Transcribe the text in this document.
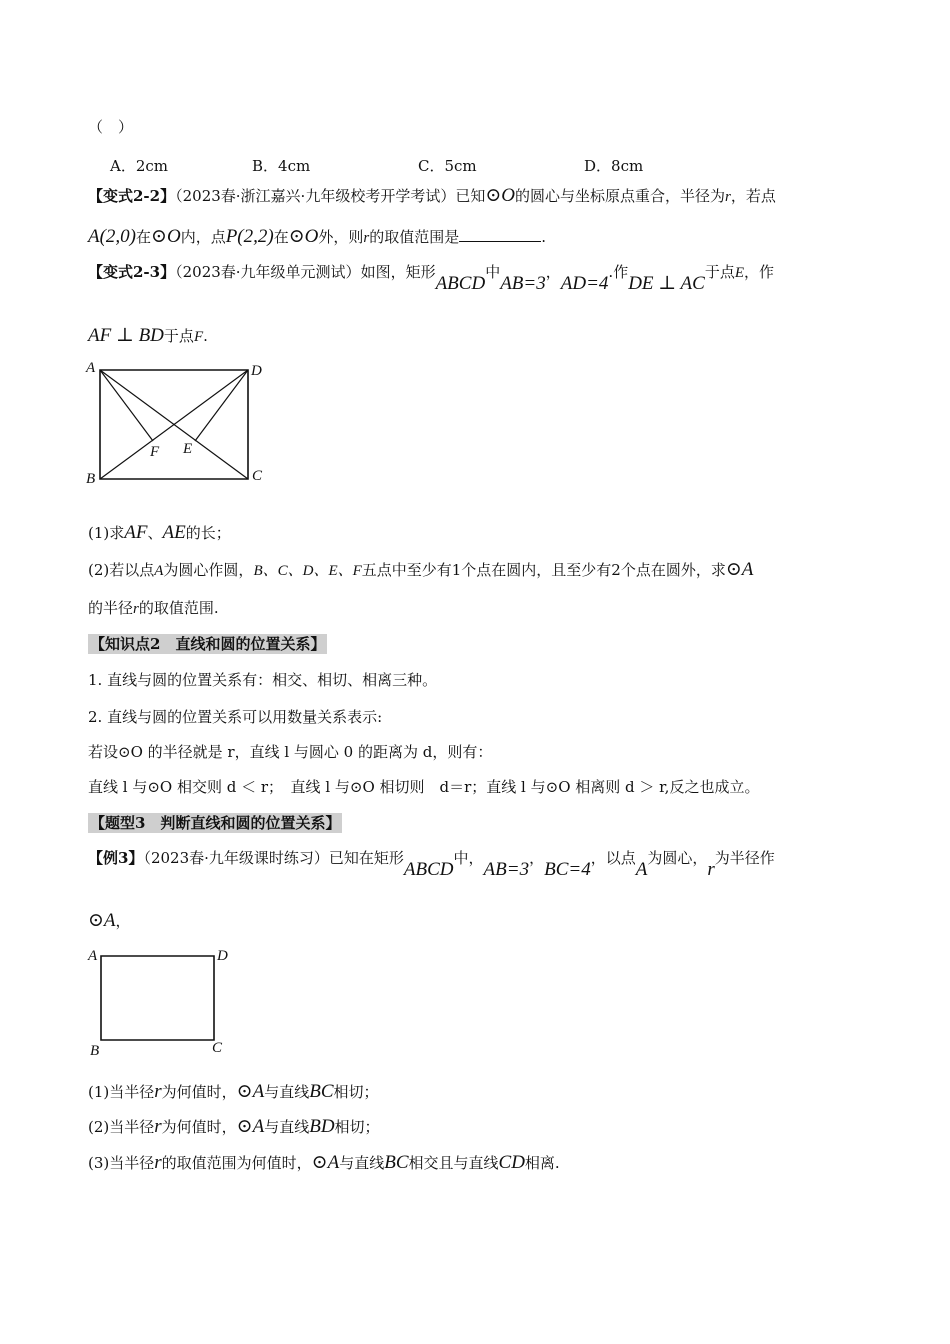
（　）
A．2cm	B．4cm	C．5cm	D．8cm
【变式2-2】（2023春·浙江嘉兴·九年级校考开学考试）已知⊙O的圆心与坐标原点重合，半径为r，若点
A(2,0)在⊙O内，点P(2,2)在⊙O外，则r的取值范围是	.
【变式2-3】（2023春·九年级单元测试）如图，矩形ABCD中AB=3，AD=4.作DE ⊥ AC于点E，作
AF ⊥ BD于点F.
A	D
B	C
F E
(1)求AF、AE的长；
(2)若以点A为圆心作圆，B、C、D、E、F五点中至少有1个点在圆内，且至少有2个点在圆外，求⊙A
的半径r的取值范围.
【知识点2　直线和圆的位置关系】
1. 直线与圆的位置关系有：相交、相切、相离三种。
2. 直线与圆的位置关系可以用数量关系表示:
若设⊙O 的半径就是 r，直线 l 与圆心 0 的距离为 d，则有：
直线 l 与⊙O 相交则 d ＜ r；　直线 l 与⊙O 相切则　d＝r；直线 l 与⊙O 相离则 d ＞ r,反之也成立。
【题型3　判断直线和圆的位置关系】
【例3】（2023春·九年级课时练习）已知在矩形ABCD中，AB=3，BC=4，以点A为圆心，r为半径作
⊙A，
A	D
B	C
(1)当半径r为何值时，⊙A与直线BC相切；
(2)当半径r为何值时，⊙A与直线BD相切；
(3)当半径r的取值范围为何值时，⊙A与直线BC相交且与直线CD相离.
